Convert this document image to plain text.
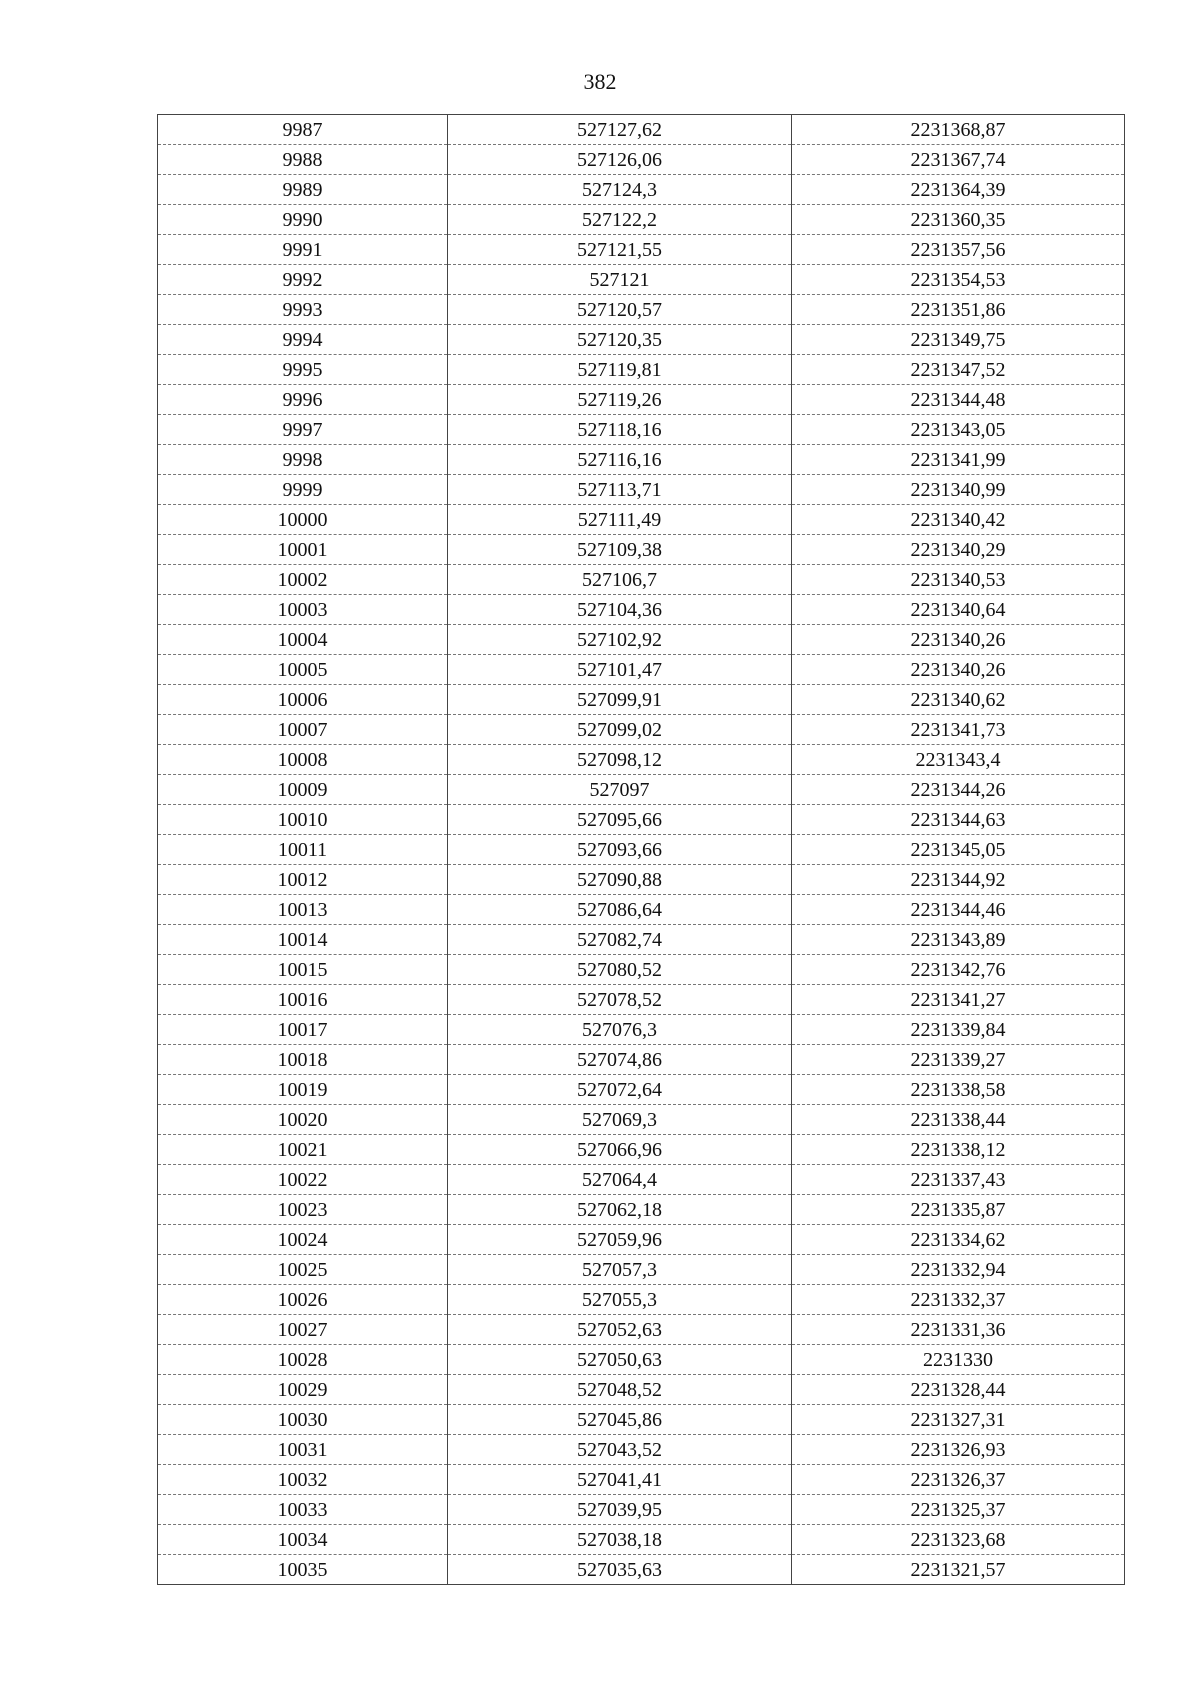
382
9987	527127,62	2231368,87
9988	527126,06	2231367,74
9989	527124,3	2231364,39
9990	527122,2	2231360,35
9991	527121,55	2231357,56
9992	527121	2231354,53
9993	527120,57	2231351,86
9994	527120,35	2231349,75
9995	527119,81	2231347,52
9996	527119,26	2231344,48
9997	527118,16	2231343,05
9998	527116,16	2231341,99
9999	527113,71	2231340,99
10000	527111,49	2231340,42
10001	527109,38	2231340,29
10002	527106,7	2231340,53
10003	527104,36	2231340,64
10004	527102,92	2231340,26
10005	527101,47	2231340,26
10006	527099,91	2231340,62
10007	527099,02	2231341,73
10008	527098,12	2231343,4
10009	527097	2231344,26
10010	527095,66	2231344,63
10011	527093,66	2231345,05
10012	527090,88	2231344,92
10013	527086,64	2231344,46
10014	527082,74	2231343,89
10015	527080,52	2231342,76
10016	527078,52	2231341,27
10017	527076,3	2231339,84
10018	527074,86	2231339,27
10019	527072,64	2231338,58
10020	527069,3	2231338,44
10021	527066,96	2231338,12
10022	527064,4	2231337,43
10023	527062,18	2231335,87
10024	527059,96	2231334,62
10025	527057,3	2231332,94
10026	527055,3	2231332,37
10027	527052,63	2231331,36
10028	527050,63	2231330
10029	527048,52	2231328,44
10030	527045,86	2231327,31
10031	527043,52	2231326,93
10032	527041,41	2231326,37
10033	527039,95	2231325,37
10034	527038,18	2231323,68
10035	527035,63	2231321,57
